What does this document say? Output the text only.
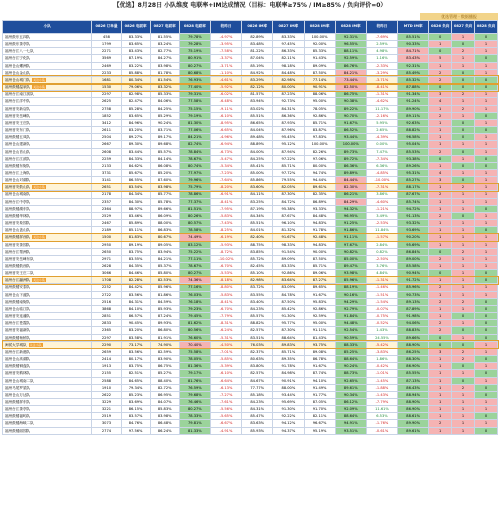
【优选】8月28日 小队维度 电联率+IM达成情况（目标：电联率≥75% / IM≥85% / 负向评价=0）
优选管理 · 数据播报
小队	0826 订单量	0826 电联率	0827 电联率	0828 电联率	较昨日	0826 IM率	0827 IM率	0828 IM率	0828 IM率	较昨日	MTD IM率	0826 负向	0827 负向	0828 负向
福州鼓东五四队	458	83.33%	81.55%	79.78%	-4.97%	82.89%	83.33%	100.00%	92.31%	-7.69%	85.51%	0	1	0
福州鼓东茶亭队	1799	83.65%	83.24%	79.28%	-3.95%	83.48%	97.45%	92.00%	96.55%	2.59%	90.33%	1	0	1
福州台江八一七队	2271	83.43%	82.77%	75.19%	-7.58%	81.22%	86.33%	85.33%	88.11%	4.98%	84.71%	0	2	1
福州台江宁化队	3569	87.19%	84.27%	80.91%	-3.37%	87.04%	82.11%	91.43%	92.59%	1.16%	83.43%	5	1	0
福州仓山螺洲队	2469	83.22%	83.98%	80.27%	-3.71%	85.19%	98.18%	89.09%	86.76%	-2.33%	92.31%	1	1	1
福州仓山金山队	2233	85.88%	81.78%	80.68%	-1.10%	84.92%	84.48%	87.50%	84.21%	-3.29%	85.49%	2	0	1
福州仓山城门队 关注小队	1681	80.34%	81.54%	76.93%	-4.61%	83.29%	82.98%	77.14%	73.44%	-3.71%	85.32%	2	0	0
福州鼓楼温泉队 关注小队	1530	79.06%	83.32%	77.40%	-5.92%	82.12%	80.00%	90.91%	82.50%	-8.41%	87.88%	0	0	0
福州台江南江滨队	2297	82.98%	85.33%	79.31%	-6.02%	81.57%	87.23%	88.06%	86.75%	-1.31%	91.34%	3	2	1
福州台江洋中队	2625	82.47%	84.06%	77.58%	-6.48%	83.94%	92.73%	95.00%	90.38%	-4.62%	91.24%	4	1	1
福州晋安新店队	2758	85.28%	84.25%	75.15%	-9.11%	83.02%	84.31%	78.05%	89.22%	11.17%	89.90%	1	2	1
福州晋安岳峰队	1852	83.65%	85.29%	79.19%	-6.10%	85.51%	86.36%	92.86%	90.70%	-2.16%	89.11%	2	1	0
福州晋安王庄队	3412	84.96%	90.24%	81.30%	-8.95%	86.65%	87.93%	85.71%	91.67%	5.95%	92.63%	1	0	1
福州晋安东门队	2611	83.20%	83.71%	77.06%	-6.65%	84.04%	87.96%	83.87%	86.52%	2.65%	88.82%	1	0	0
福州鼓楼五凤队	2504	89.27%	89.17%	84.21%	-4.96%	89.48%	95.45%	97.83%	93.44%	-4.39%	96.58%	1	0	1
福州仓山建新队	2667	89.30%	89.68%	82.74%	-6.94%	88.89%	95.12%	100.00%	100.00%	0.00%	95.04%	1	1	1
福州仓山首山队	2608	83.44%	85.57%	78.84%	-6.73%	84.00%	87.94%	82.26%	89.73%	7.47%	85.53%	2	0	1
福州台江江滨队	2259	84.33%	84.14%	78.67%	-5.47%	84.25%	97.22%	97.06%	89.72%	-7.34%	93.38%	0	1	0
福州鼓楼东街队	2133	84.62%	86.08%	80.74%	-5.34%	85.41%	85.71%	80.00%	86.36%	6.36%	89.26%	1	0	0
福州台江上海队	3731	85.67%	85.20%	77.97%	-7.23%	85.00%	97.72%	94.74%	89.89%	-4.85%	95.31%	4	1	1
福州仓山对湖队	3141	86.55%	87.60%	79.96%	-7.64%	85.86%	79.55%	94.44%	84.44%	-10.00%	85.27%	3	0	1
福州晋安鼓山队 关注小队	2651	83.54%	83.98%	75.79%	-8.20%	83.60%	82.05%	89.61%	82.30%	-7.31%	88.17%	1	2	1
福州仓山城南队	2178	84.34%	85.77%	78.86%	-6.91%	84.11%	87.30%	82.35%	86.21%	3.86%	87.67%	2	1	1
福州台江中亭队	2357	84.30%	85.78%	77.37%	-8.41%	83.25%	84.72%	86.89%	84.29%	-4.60%	85.74%	1	1	1
福州鼓楼湖东队	2364	88.97%	89.66%	81.51%	-7.95%	87.19%	95.38%	93.33%	94.32%	-1.21%	94.72%	1	1	0
福州鼓楼华林队	2529	83.46%	86.09%	80.26%	-5.83%	84.34%	87.67%	84.48%	96.95%	3.49%	91.13%	2	0	1
福州晋安象园队	2467	85.89%	88.00%	80.57%	-7.43%	85.51%	96.10%	94.83%	91.25%	-2.53%	93.32%	1	1	1
福州仓山盖山队	2189	85.11%	86.83%	78.58%	-8.25%	84.01%	81.32%	91.78%	91.86%	11.84%	93.69%	1	1	0
福州鼓楼屏西队 关注小队	1500	81.83%	80.67%	74.49%	-6.19%	82.40%	91.67%	92.48%	91.11%	-1.57%	90.20%	1	1	1
福州晋安茶园队	2950	89.19%	89.05%	83.12%	-5.93%	88.75%	98.33%	94.83%	97.67%	2.84%	95.69%	1	1	1
福州台江帮洲队	2650	83.75%	83.94%	75.22%	-8.72%	83.85%	91.54%	90.00%	90.82%	0.82%	86.84%	0	2	1
福州晋安岳峰东队	2971	83.55%	84.21%	77.11%	-10.02%	85.72%	89.09%	87.50%	85.00%	-2.50%	89.00%	2	1	1
福州鼓楼鼓西队	2628	84.35%	85.37%	78.67%	-6.70%	82.45%	83.33%	85.71%	89.47%	3.76%	85.58%	1	1	1
福州晋安王庄二队	3066	84.46%	85.80%	80.27%	-5.53%	85.10%	92.86%	89.06%	93.98%	4.84%	90.94%	0	1	0
福州台江瀛洲队 关注小队	1708	82.28%	82.53%	74.36%	-8.18%	82.98%	83.64%	87.27%	85.96%	-1.31%	91.72%	1	1	0
福州鼓楼安泰队	2252	84.42%	85.96%	77.16%	-8.80%	83.72%	83.09%	89.65%	88.19%	-1.46%	85.96%	2	1	1
福州仓山下渡队	2722	83.56%	81.86%	76.03%	-5.83%	83.55%	84.78%	91.67%	90.16%	-1.51%	90.73%	1	1	1
福州鼓楼南街队	2516	84.31%	84.59%	76.18%	-8.41%	83.40%	87.50%	95.83%	94.29%	-1.54%	89.13%	2	2	0
福州仓山临江队	3868	84.10%	85.93%	79.23%	-6.70%	84.23%	85.42%	92.86%	92.79%	-0.07%	87.89%	1	1	0
福州晋安连潘队	2851	86.57%	87.24%	79.45%	-7.79%	85.57%	91.30%	92.59%	91.84%	-0.75%	91.98%	1	0	0
福州台江苍霞队	2833	90.45%	89.93%	81.62%	-8.31%	88.82%	95.77%	95.00%	94.48%	-0.52%	94.06%	2	1	0
福州晋安福新队	2365	83.20%	86.80%	80.56%	-6.24%	82.57%	87.30%	91.11%	92.54%	1.43%	88.83%	2	0	0
福州鼓楼杨桥队	2297	83.58%	81.91%	76.60%	-5.31%	83.51%	88.64%	81.43%	90.59%	24.55%	89.66%	0	1	0
闽侯大学城队 关注小队	2290	73.17%	74.90%	70.40%	-4.50%	76.03%	89.83%	93.75%	88.33%	-5.42%	88.90%	0	0	1
福州台江新港队	2659	83.56%	82.59%	75.58%	-7.01%	82.37%	85.71%	89.08%	85.25%	-3.83%	86.25%	3	2	1
福州仓山高湖队	2414	80.17%	83.90%	78.05%	-5.85%	80.63%	89.35%	86.78%	88.64%	1.86%	88.30%	1	2	0
福州鼓楼铜盘队	1913	83.75%	86.75%	81.36%	-5.39%	83.80%	91.78%	91.67%	90.24%	-0.42%	86.90%	1	0	1
福州晋安鹤林队	2155	82.51%	85.27%	79.17%	-6.10%	82.57%	84.98%	87.74%	88.73%	-1.01%	85.55%	1	1	0
福州仓山城南二队	2588	84.65%	88.40%	81.76%	-6.64%	84.67%	90.91%	94.10%	92.65%	-1.45%	87.13%	1	0	1
福州马尾罗星队	1910	79.34%	82.72%	76.59%	-6.13%	77.77%	88.00%	91.49%	89.61%	-1.88%	86.43%	1	2	0
福州仓山万达队	2622	85.23%	86.95%	79.68%	-7.27%	85.18%	93.44%	91.77%	90.34%	-1.43%	88.94%	1	1	0
福州鼓楼屏东队	3229	83.69%	84.07%	76.46%	-7.61%	84.23%	95.69%	87.05%	86.12%	-7.79%	88.90%	1	1	1
福州台江茶亭队	3221	86.15%	85.83%	80.27%	-5.56%	84.31%	91.30%	91.70%	92.09%	11.61%	86.90%	1	1	1
福州鼓楼福屿队	2519	83.57%	83.98%	78.33%	-5.65%	85.47%	92.22%	82.11%	88.64%	6.53%	88.61%	1	1	0
福州鼓楼海峡二队	3073	84.76%	86.48%	79.81%	-6.67%	83.63%	94.12%	96.67%	94.91%	-1.76%	89.90%	2	1	1
福州鼓楼丽园队	2774	97.56%	86.24%	81.33%	-4.91%	85.93%	94.37%	95.19%	93.51%	-0.61%	89.61%	1	1	0
